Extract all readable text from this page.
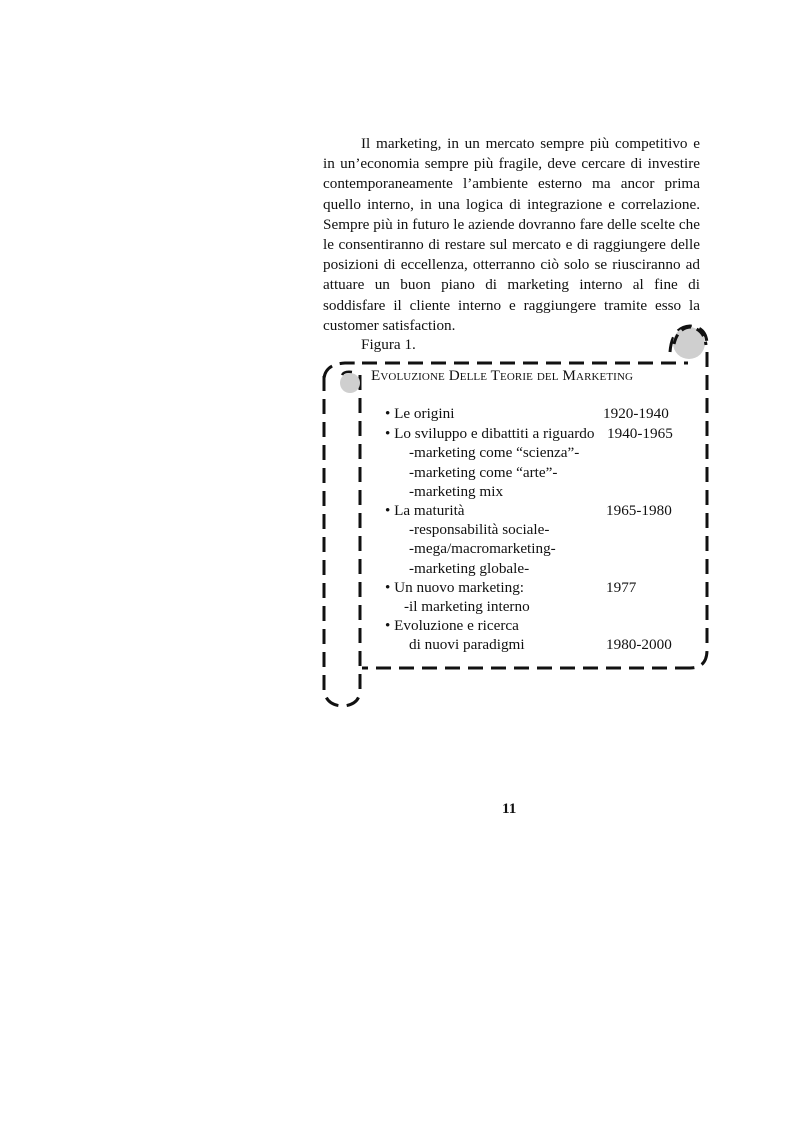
Il marketing, in un mercato sempre più competitivo e in un’economia sempre più fragile, deve cercare di investire contemporaneamente l’ambiente esterno ma ancor prima quello interno, in una logica di integrazione e correlazione. Sempre più in futuro le aziende dovranno fare delle scelte che le consentiranno di restare sul mercato e di raggiungere delle posizioni di eccellenza, otterranno ciò solo se riusciranno ad attuare un buon piano di marketing interno al fine di soddisfare il cliente interno e raggiungere tramite esso la customer satisfaction.

Figura 1.
Evoluzione Delle Teorie del Marketing
• Le origini	1920-1940
• Lo sviluppo e dibattiti a riguardo 1940-1965
-marketing come “scienza”-
-marketing come “arte”-
-marketing mix
• La maturità	1965-1980
-responsabilità sociale-
-mega/macromarketing-
-marketing globale-
• Un nuovo marketing:	1977
-il marketing interno
• Evoluzione e ricerca
di nuovi paradigmi	1980-2000
11
